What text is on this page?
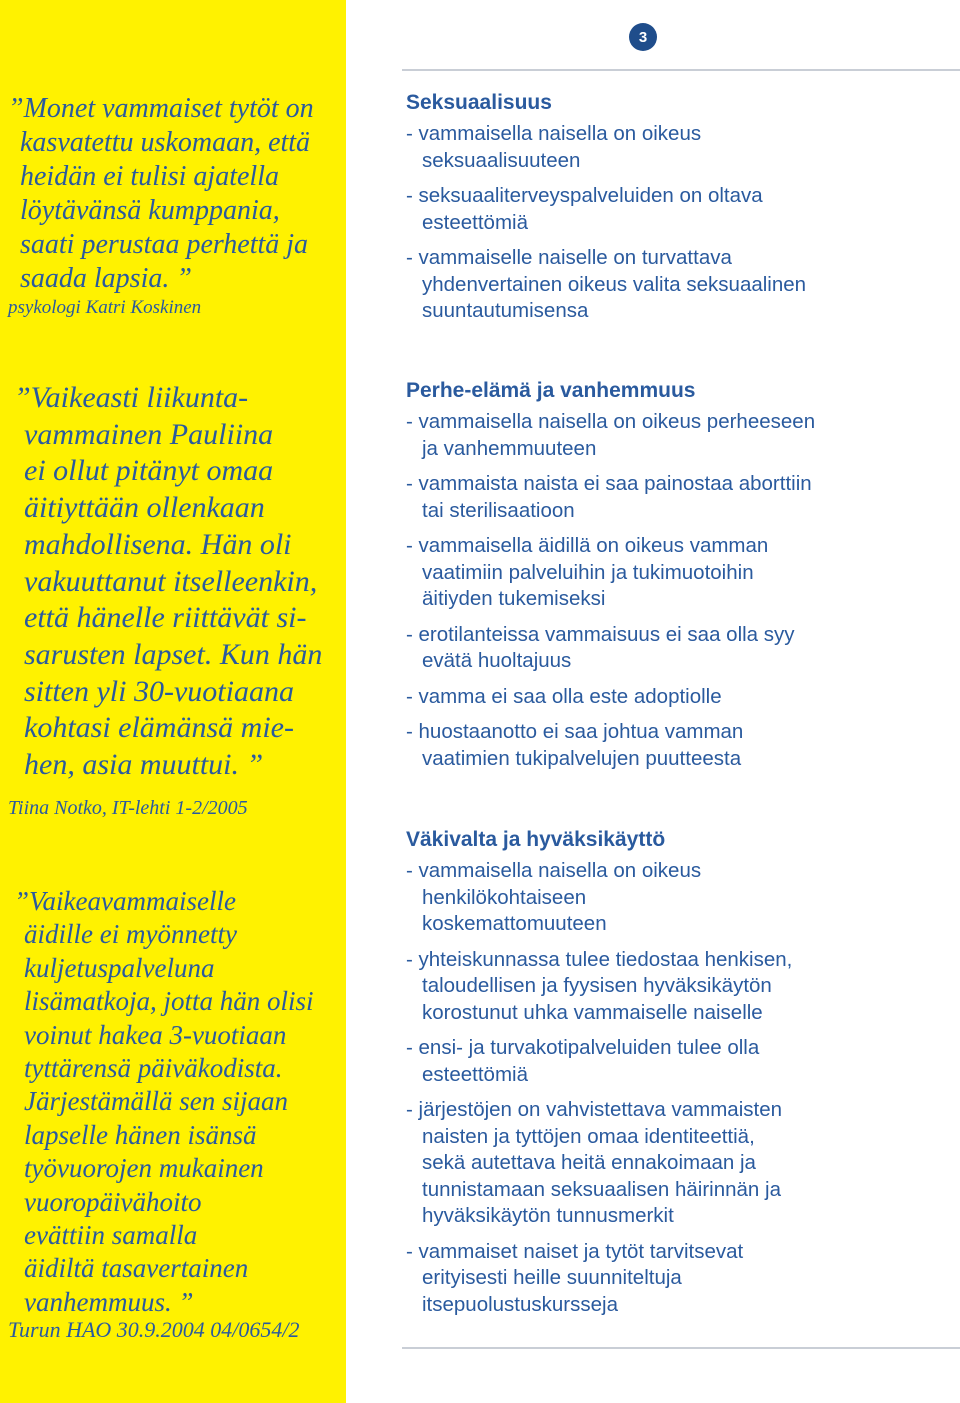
”Monet vammaiset tytöt on
kasvatettu uskomaan, että
heidän ei tulisi ajatella
löytävänsä kumppania,
saati perustaa perhettä ja
saada lapsia. ”
psykologi Katri Koskinen
”Vaikeasti liikunta-
vammainen Pauliina
ei ollut pitänyt omaa
äitiyttään ollenkaan
mahdollisena. Hän oli
vakuuttanut itselleenkin,
että hänelle riittävät si-
sarusten lapset. Kun hän
sitten yli 30-vuotiaana
kohtasi elämänsä mie-
hen, asia muuttui. ”
Tiina Notko, IT-lehti 1-2/2005
”Vaikeavammaiselle
äidille ei myönnetty
kuljetuspalveluna
lisämatkoja, jotta hän olisi
voinut hakea 3-vuotiaan
tyttärensä päiväkodista.
Järjestämällä sen sijaan
lapselle hänen isänsä
työvuorojen mukainen
vuoropäivähoito
evättiin samalla
äidiltä tasavertainen
vanhemmuus. ”
Turun HAO 30.9.2004 04/0654/2
3
Seksuaalisuus
- vammaisella naisella on oikeus
seksuaalisuuteen
- seksuaaliterveyspalveluiden on oltava
esteettömiä
- vammaiselle naiselle on turvattava
yhdenvertainen oikeus valita seksuaalinen
suuntautumisensa
Perhe-elämä ja vanhemmuus
- vammaisella naisella on oikeus perheeseen
ja vanhemmuuteen
- vammaista naista ei saa painostaa aborttiin
tai sterilisaatioon
- vammaisella äidillä on oikeus vamman
vaatimiin palveluihin ja tukimuotoihin
äitiyden tukemiseksi
- erotilanteissa vammaisuus ei saa olla syy
evätä huoltajuus
- vamma ei saa olla este adoptiolle
- huostaanotto ei saa johtua vamman
vaatimien tukipalvelujen puutteesta
Väkivalta ja hyväksikäyttö
- vammaisella naisella on oikeus
henkilökohtaiseen
koskemattomuuteen
- yhteiskunnassa tulee tiedostaa henkisen,
taloudellisen ja fyysisen hyväksikäytön
korostunut uhka vammaiselle naiselle
- ensi- ja turvakotipalveluiden tulee olla
esteettömiä
- järjestöjen on vahvistettava vammaisten
naisten ja tyttöjen omaa identiteettiä,
sekä autettava heitä ennakoimaan ja
tunnistamaan seksuaalisen häirinnän ja
hyväksikäytön tunnusmerkit
- vammaiset naiset ja tytöt tarvitsevat
erityisesti heille suunniteltuja
itsepuolustuskursseja
